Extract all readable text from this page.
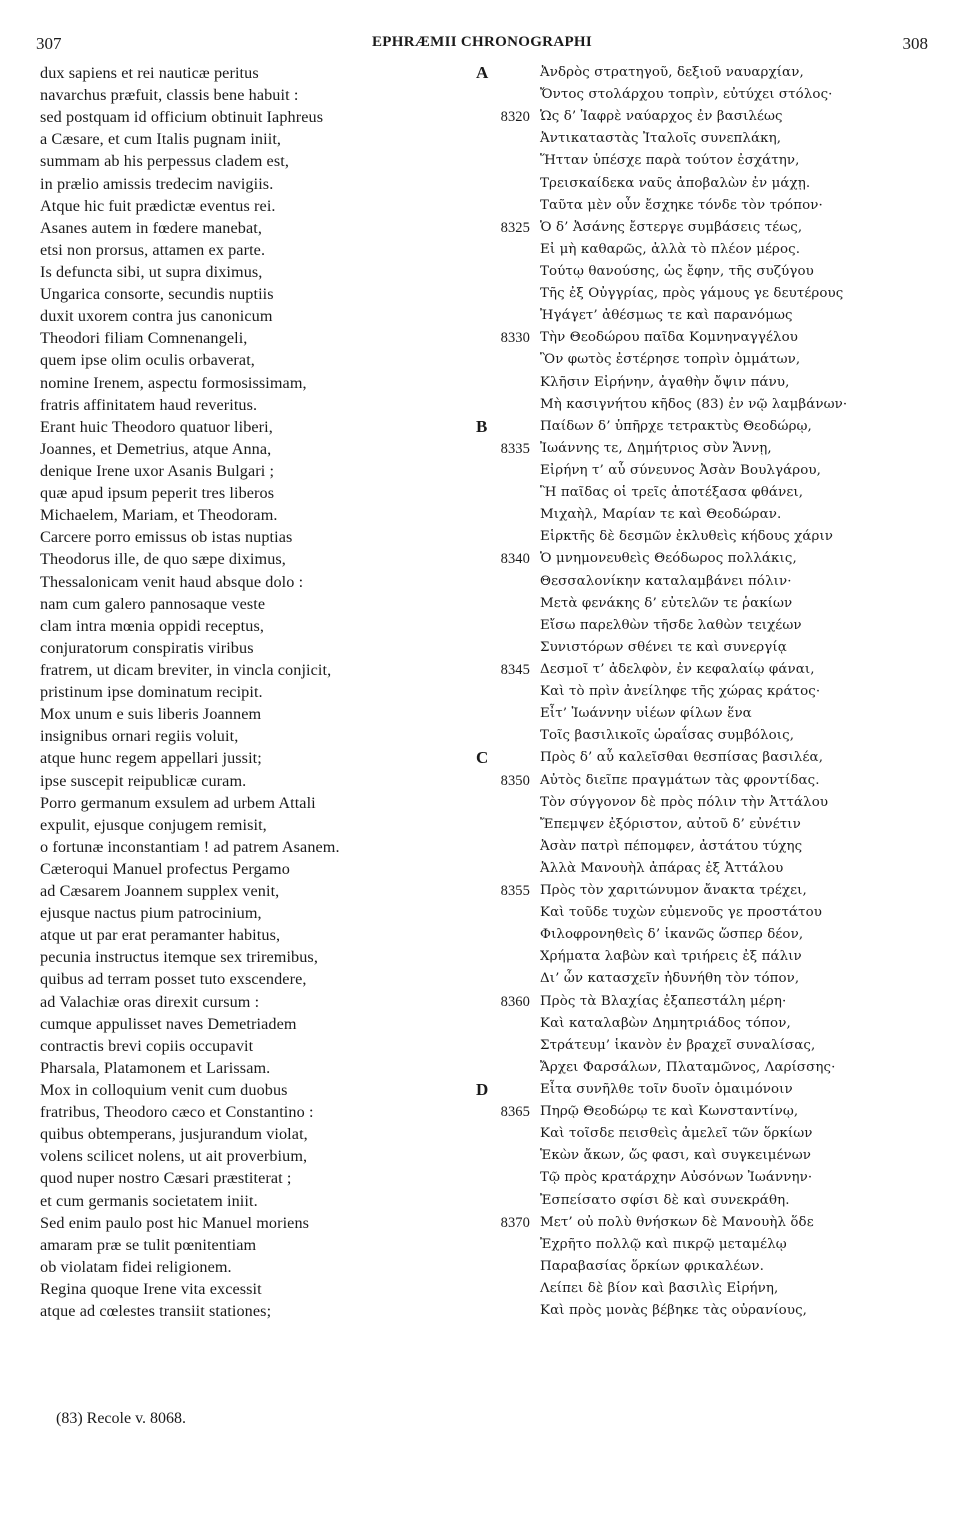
307	EPHRÆMII CHRONOGRAPHI	308
dux sapiens et rei nauticæ peritus
navarchus præfuit, classis bene habuit :
sed postquam id officium obtinuit Iaphreus
a Cæsare, et cum Italis pugnam iniit,
summam ab his perpessus cladem est,
in prælio amissis tredecim navigiis.
Atque hic fuit prædictæ eventus rei.
Asanes autem in fœdere manebat,
etsi non prorsus, attamen ex parte.
Is defuncta sibi, ut supra diximus,
Ungarica consorte, secundis nuptiis
duxit uxorem contra jus canonicum
Theodori filiam Comnenangeli,
quem ipse olim oculis orbaverat,
nomine Irenem, aspectu formosissimam,
fratris affinitatem haud reveritus.
Erant huic Theodoro quatuor liberi,
Joannes, et Demetrius, atque Anna,
denique Irene uxor Asanis Bulgari ;
quæ apud ipsum peperit tres liberos
Michaelem, Mariam, et Theodoram.
Carcere porro emissus ob istas nuptias
Theodorus ille, de quo sæpe diximus,
Thessalonicam venit haud absque dolo :
nam cum galero pannosaque veste
clam intra mœnia oppidi receptus,
conjuratorum conspiratis viribus
fratrem, ut dicam breviter, in vincla conjicit,
pristinum ipse dominatum recipit.
Mox unum e suis liberis Joannem
insignibus ornari regiis voluit,
atque hunc regem appellari jussit;
ipse suscepit reipublicæ curam.
Porro germanum exsulem ad urbem Attali
expulit, ejusque conjugem remisit,
o fortunæ inconstantiam ! ad patrem Asanem.
Cæteroqui Manuel profectus Pergamo
ad Cæsarem Joannem supplex venit,
ejusque nactus pium patrocinium,
atque ut par erat peramanter habitus,
pecunia instructus itemque sex triremibus,
quibus ad terram posset tuto exscendere,
ad Valachiæ oras direxit cursum :
cumque appulisset naves Demetriadem
contractis brevi copiis occupavit
Pharsala, Platamonem et Larissam.
Mox in colloquium venit cum duobus
fratribus, Theodoro cæco et Constantino :
quibus obtemperans, jusjurandum violat,
volens scilicet nolens, ut ait proverbium,
quod nuper nostro Cæsari præstiterat ;
et cum germanis societatem iniit.
Sed enim paulo post hic Manuel moriens
amaram præ se tulit pœnitentiam
ob violatam fidei religionem.
Regina quoque Irene vita excessit
atque ad cœlestes transiit stationes;
A	Ἀνδρὸς στρατηγοῦ, δεξιοῦ ναυαρχίαν,
Ὄντος στολάρχου τοπρὶν, εὐτύχει στόλος·
8320 Ὡς δ’ Ἰαφρὲ ναύαρχος ἐν βασιλέως
Ἀντικαταστὰς Ἰταλοῖς συνεπλάκη,
Ἥτταν ὑπέσχε παρὰ τούτον ἐσχάτην,
Τρεισκαίδεκα ναῦς ἀποβαλὼν ἐν μάχῃ.
Ταῦτα μὲν οὖν ἔσχηκε τόνδε τὸν τρόπον·
8325 Ὁ δ’ Ἀσάνης ἔστεργε συμβάσεις τέως,
Εἰ μὴ καθαρῶς, ἀλλὰ τὸ πλέον μέρος.
Τούτῳ θανούσης, ὡς ἔφην, τῆς συζύγου
Τῆς ἐξ Οὐγγρίας, πρὸς γάμους γε δευτέρους
Ἠγάγετ’ ἀθέσμως τε καὶ παρανόμως
8330 Τὴν Θεοδώρου παῖδα Κομνηναγγέλου
Ὃν φωτὸς ἐστέρησε τοπρὶν ὀμμάτων,
Κλῆσιν Εἰρήνην, ἀγαθὴν ὄψιν πάνυ,
Μὴ κασιγνήτου κῆδος (83) ἐν νῷ λαμβάνων·
B	Παίδων δ’ ὑπῆρχε τετρακτὺς Θεοδώρῳ,
8335 Ἰωάννης τε, Δημήτριος σὺν Ἄννῃ,
Εἰρήνη τ’ αὖ σύνευνος Ἀσὰν Βουλγάρου,
Ἣ παῖδας οἱ τρεῖς ἀποτέξασα φθάνει,
Μιχαὴλ, Μαρίαν τε καὶ Θεοδώραν.
Εἱρκτῆς δὲ δεσμῶν ἐκλυθεὶς κήδους χάριν
8340 Ὁ μνημονευθεὶς Θεόδωρος πολλάκις,
Θεσσαλονίκην καταλαμβάνει πόλιν·
Μετὰ φενάκης δ’ εὐτελῶν τε ῥακίων
Εἴσω παρελθὼν τῆσδε λαθὼν τειχέων
Συνιστόρων σθένει τε καὶ συνεργίᾳ
8345 Δεσμοῖ τ’ ἀδελφὸν, ἐν κεφαλαίῳ φάναι,
Καὶ τὸ πρὶν ἀνείληφε τῆς χώρας κράτος·
Εἶτ’ Ἰωάννην υἱέων φίλων ἕνα
Τοῖς βασιλικοῖς ὡραΐσας συμβόλοις,
C	Πρὸς δ’ αὖ καλεῖσθαι θεσπίσας βασιλέα,
8350 Αὐτὸς διεῖπε πραγμάτων τὰς φροντίδας.
Τὸν σύγγονον δὲ πρὸς πόλιν τὴν Ἀττάλου
Ἔπεμψεν ἐξόριστον, αὐτοῦ δ’ εὐνέτιν
Ἀσὰν πατρὶ πέπομφεν, ἀστάτου τύχης
Ἀλλὰ Μανουὴλ ἀπάρας ἐξ Ἀττάλου
8355 Πρὸς τὸν χαριτώνυμον ἄνακτα τρέχει,
Καὶ τοῦδε τυχὼν εὐμενοῦς γε προστάτου
Φιλοφρονηθεὶς δ’ ἱκανῶς ὥσπερ δέον,
Χρήματα λαβὼν καὶ τριήρεις ἐξ πάλιν
Δι’ ὧν κατασχεῖν ἠδυνήθη τὸν τόπον,
8360 Πρὸς τὰ Βλαχίας ἐξαπεστάλη μέρη·
Καὶ καταλαβὼν Δημητριάδος τόπον,
Στράτευμ’ ἱκανὸν ἐν βραχεῖ συναλίσας,
Ἄρχει Φαρσάλων, Πλαταμῶνος, Λαρίσσης·
D	Εἶτα συνῆλθε τοῖν δυοῖν ὁμαιμόνοιν
8365 Πηρῷ Θεοδώρῳ τε καὶ Κωνσταντίνῳ,
Καὶ τοῖσδε πεισθεὶς ἀμελεῖ τῶν ὅρκίων
Ἑκὼν ἄκων, ὥς φασι, καὶ συγκειμένων
Τῷ πρὸς κρατάρχην Αὐσόνων Ἰωάννην·
Ἐσπείσατο σφίσι δὲ καὶ συνεκράθη.
8370 Μετ’ οὐ πολὺ θνήσκων δὲ Μανουὴλ ὅδε
Ἐχρῆτο πολλῷ καὶ πικρῷ μεταμέλῳ
Παραβασίας ὅρκίων φρικαλέων.
Λείπει δὲ βίον καὶ βασιλὶς Εἰρήνη,
Καὶ πρὸς μονὰς βέβηκε τὰς οὐρανίους,
(83) Recole v. 8068.
